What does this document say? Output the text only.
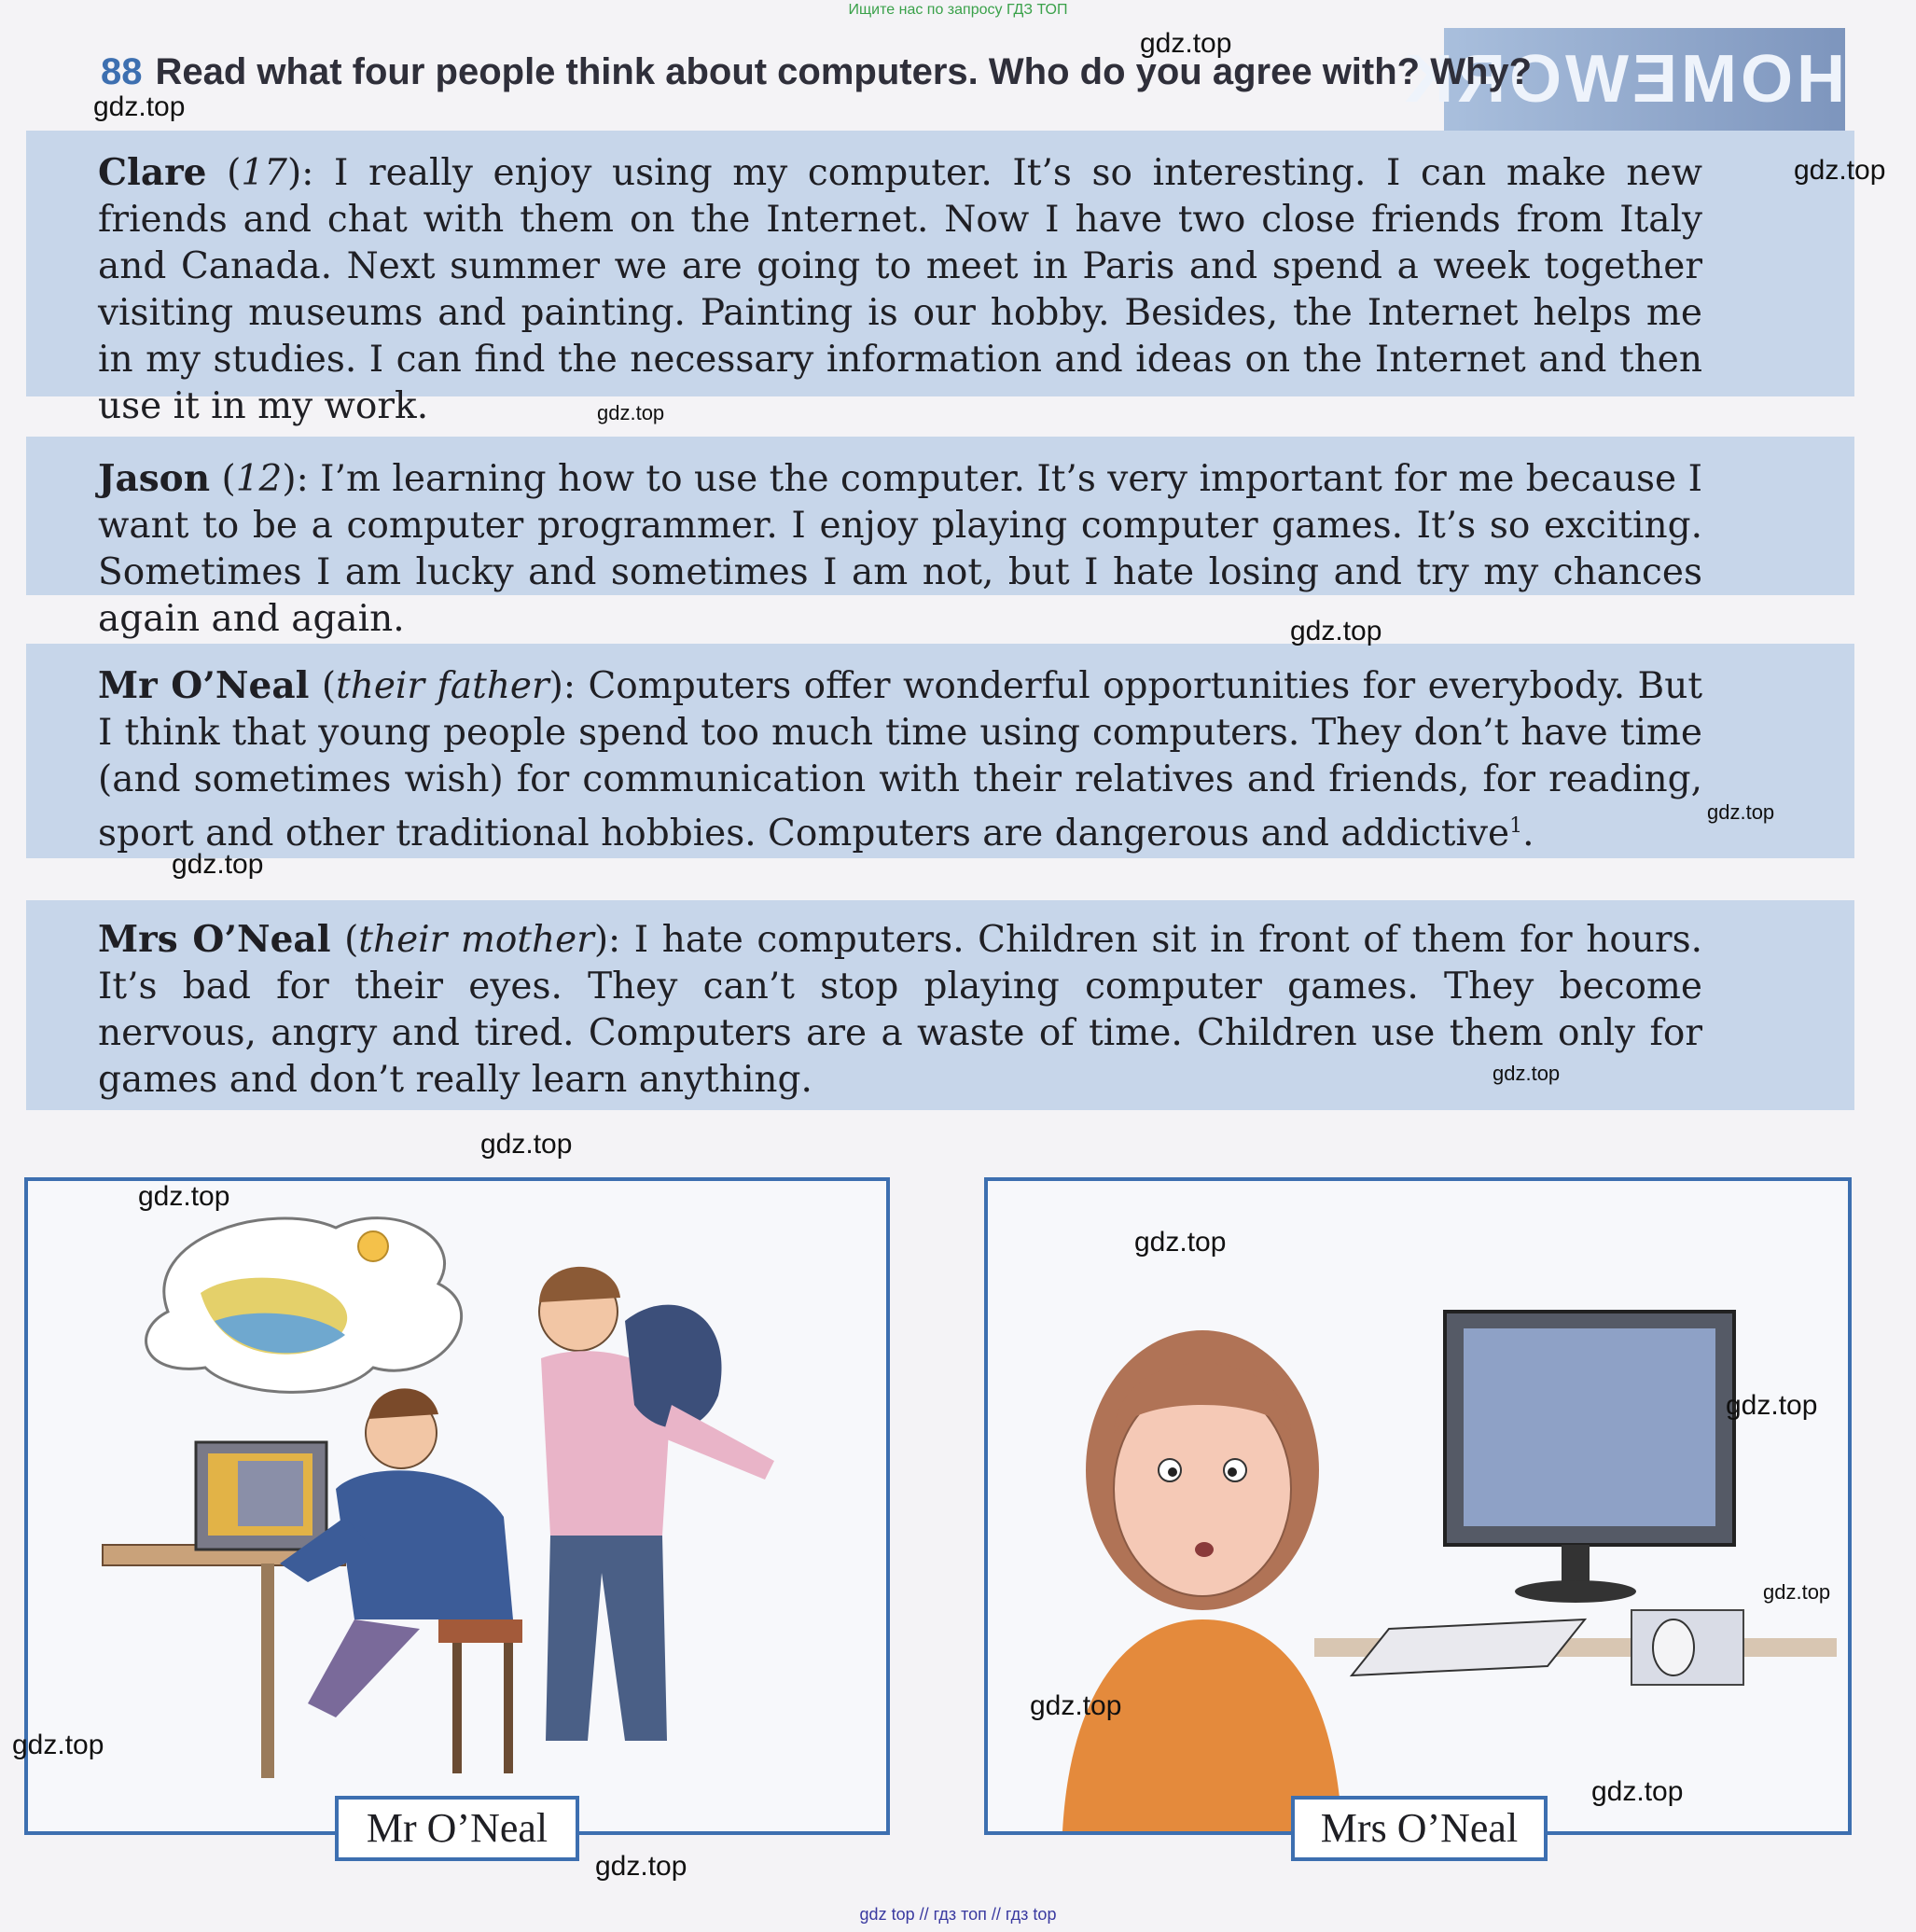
Ищите нас по запросу ГДЗ ТОП
HOMEWORK
88 Read what four people think about computers. Who do you agree with? Why?
Clare (17): I really enjoy using my computer. It’s so interesting. I can make new friends and chat with them on the Internet. Now I have two close friends from Italy and Canada. Next summer we are going to meet in Paris and spend a week together visiting museums and painting. Painting is our hobby. Besides, the Internet helps me in my studies. I can find the necessary information and ideas on the Internet and then use it in my work.
Jason (12): I’m learning how to use the computer. It’s very important for me because I want to be a computer programmer. I enjoy playing computer games. It’s so exciting. Sometimes I am lucky and sometimes I am not, but I hate losing and try my chances again and again.
Mr O’Neal (their father): Computers offer wonderful opportunities for everybody. But I think that young people spend too much time using computers. They don’t have time (and sometimes wish) for communication with their relatives and friends, for reading, sport and other traditional hobbies. Computers are dangerous and addictive$^1$.
Mrs O’Neal (their mother): I hate computers. Children sit in front of them for hours. It’s bad for their eyes. They can’t stop playing computer games. They become nervous, angry and tired. Computers are a waste of time. Children use them only for games and don’t really learn anything.
Mr O’Neal	Mrs O’Neal
gdz.top
gdz.top
gdz.top
gdz.top
gdz.top
gdz.top
gdz.top
gdz.top
gdz.top
gdz.top
gdz.top
gdz.top
gdz.top
gdz.top
gdz.top
gdz.top
gdz.top
gdz top // гдз топ // гдз top
